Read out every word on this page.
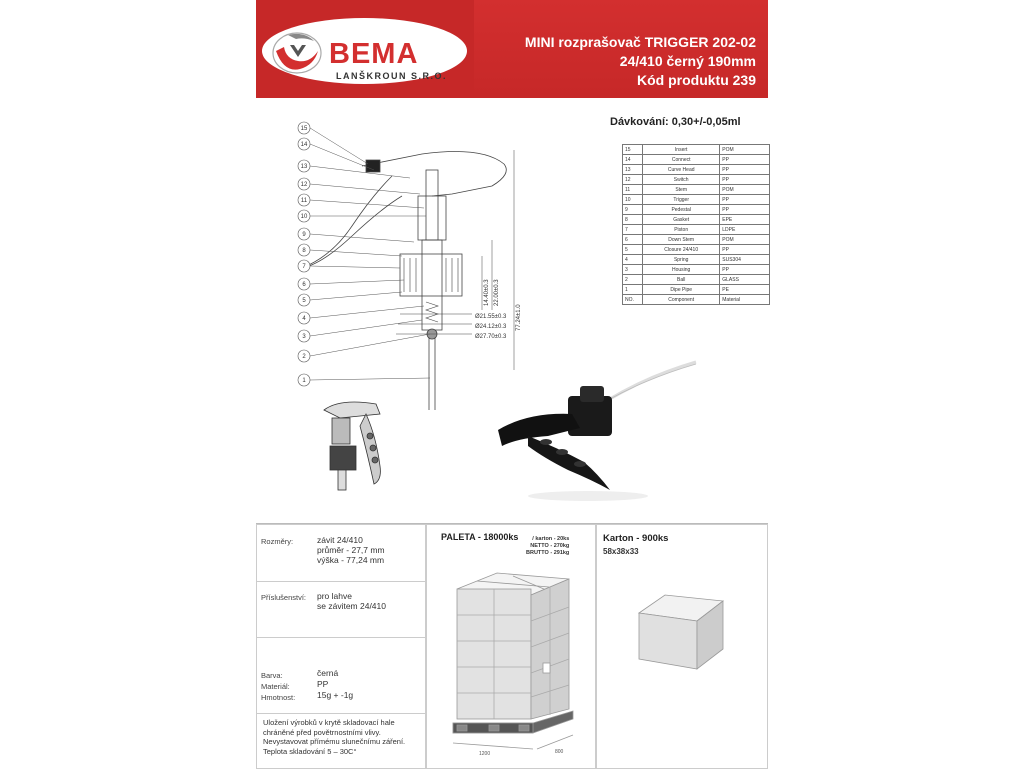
BEMA
LANŠKROUN S.R.O.
MINI rozprašovač TRIGGER 202-02
24/410 černý 190mm
Kód produktu 239
Dávkování: 0,30+/-0,05ml
15
14
13
12
11
10
9
8
7
6
5
4
3
2
1
Ø21.55±0.3
Ø24.12±0.3
Ø27.70±0.3
14.40±0.3 22.00±0.3
77.24±1.0
15	Insert	POM
14	Connect	PP
13	Curve Head	PP
12	Switch	PP
11	Stem	POM
10	Trigger	PP
9	Pedestal	PP
8	Gasket	EPE
7	Piston	LDPE
6	Down Stem	POM
5	Closure 24/410	PP
4	Spring	SUS304
3	Housing	PP
2	Ball	GLASS
1	Dipe Pipe	PE
NO.	Component	Material
Rozměry:	závit 24/410
průměr - 27,7 mm
výška - 77,24 mm
Příslušenství: pro lahve
se závitem 24/410
Barva:	černá
Materiál:	PP
Hmotnost:	15g + -1g
Uložení výrobků v krytě skladovací hale
chráněné před povětrnostními vlivy.
Nevystavovat přímému slunečnímu záření.
Teplota skladování 5 – 30C°
PALETA - 18000ks	/ karton - 20ks
NETTO - 270kg
BRUTTO - 291kg
1200	800
Karton - 900ks
58x38x33
